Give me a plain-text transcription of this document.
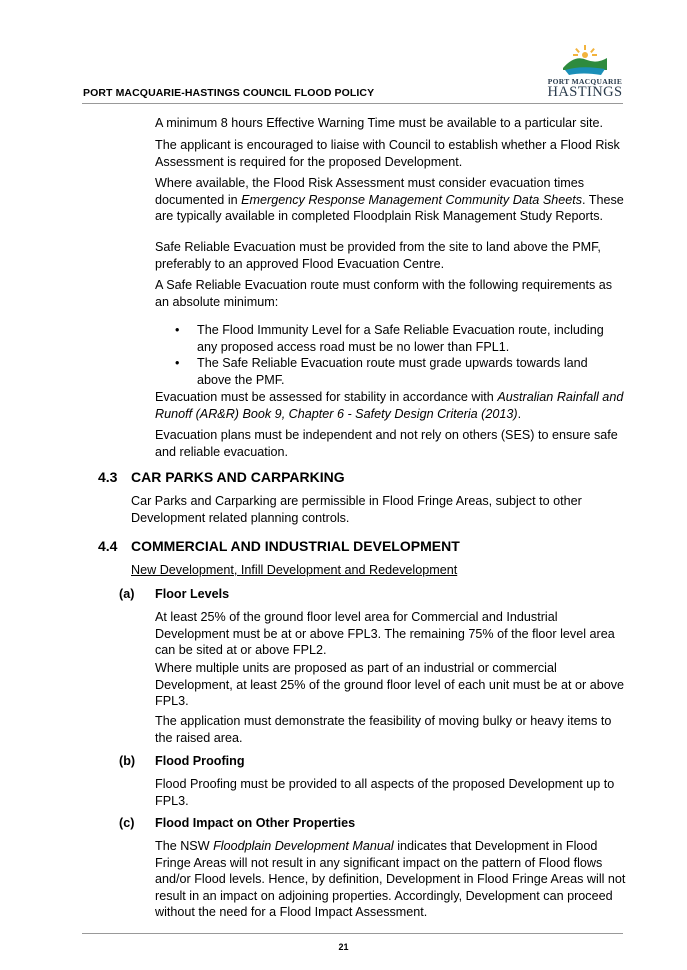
PORT MACQUARIE-HASTINGS COUNCIL FLOOD POLICY
PORT MACQUARIE
HASTINGS

A minimum 8 hours Effective Warning Time must be available to a particular site.

The applicant is encouraged to liaise with Council to establish whether a Flood Risk Assessment is required for the proposed Development.

Where available, the Flood Risk Assessment must consider evacuation times documented in Emergency Response Management Community Data Sheets. These are typically available in completed Floodplain Risk Management Study Reports.

Safe Reliable Evacuation must be provided from the site to land above the PMF, preferably to an approved Flood Evacuation Centre.

A Safe Reliable Evacuation route must conform with the following requirements as an absolute minimum:

• The Flood Immunity Level for a Safe Reliable Evacuation route, including any proposed access road must be no lower than FPL1.
• The Safe Reliable Evacuation route must grade upwards towards land above the PMF.

Evacuation must be assessed for stability in accordance with Australian Rainfall and Runoff (AR&R) Book 9, Chapter 6 - Safety Design Criteria (2013).

Evacuation plans must be independent and not rely on others (SES) to ensure safe and reliable evacuation.

4.3 CAR PARKS AND CARPARKING

Car Parks and Carparking are permissible in Flood Fringe Areas, subject to other Development related planning controls.

4.4 COMMERCIAL AND INDUSTRIAL DEVELOPMENT

New Development, Infill Development and Redevelopment

(a) Floor Levels

At least 25% of the ground floor level area for Commercial and Industrial Development must be at or above FPL3. The remaining 75% of the floor level area can be sited at or above FPL2.

Where multiple units are proposed as part of an industrial or commercial Development, at least 25% of the ground floor level of each unit must be at or above FPL3.

The application must demonstrate the feasibility of moving bulky or heavy items to the raised area.

(b) Flood Proofing

Flood Proofing must be provided to all aspects of the proposed Development up to FPL3.

(c) Flood Impact on Other Properties

The NSW Floodplain Development Manual indicates that Development in Flood Fringe Areas will not result in any significant impact on the pattern of Flood flows and/or Flood levels. Hence, by definition, Development in Flood Fringe Areas will not result in an impact on adjoining properties. Accordingly, Development can proceed without the need for a Flood Impact Assessment.

21
